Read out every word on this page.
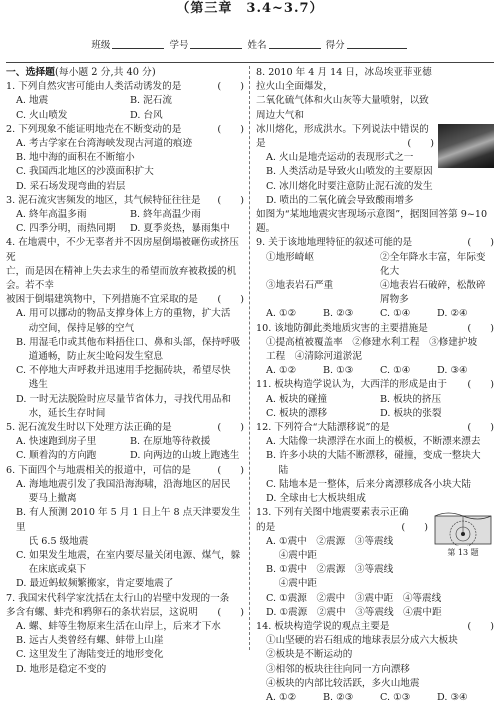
（第三章　3.4~3.7）
班级	学号	姓名	得分
一、选择题(每小题 2 分,共 40 分)

1. 下列自然灾害可能由人类活动诱发的是	(　　)

A. 地震	B. 泥石流
C. 火山喷发	D. 台风

2. 下列现象不能证明地壳在不断变动的是	(　　)

A. 考古学家在台湾海峡发现古河道的痕迹
B. 地中海的面积在不断缩小
C. 我国西北地区的沙漠面积扩大
D. 采石场发现弯曲的岩层

3. 泥石流灾害频发的地区，其气候特征往往是 (　　)

A. 終年高温多雨	B. 終年高温少雨
C. 四季分明，雨热同期	D. 夏季炎热，暴雨集中

4. 在地震中，不少无辜者并不因房屋倒塌被砸伤或挤压死

亡，而是因在精神上失去求生的希望而放弃被救援的机会。若不幸

被困于倒塌建筑物中，下列措施不宜采取的是 (　　)

A. 用可以挪动的物品支撑身体上方的重物，扩大活
　 动空间，保持足够的空气
B. 用湿毛巾或其他布料捂住口、鼻和头部，保持呼吸
　 道通畅，防止灰尘呛闷发生窒息
C. 不停地大声呼救并迅速用手挖掘砖块，希望尽快
　 逃生
D. 一时无法脱险时应尽量节省体力，寻找代用品和
　 水，延长生存时间

5. 泥石流发生时以下处理方法正确的是	(　　)

A. 快速跑到房子里	B. 在原地等待救援
C. 顺着沟的方向跑	D. 向两边的山坡上跑逃生

6. 下面四个与地震相关的报道中，可信的是	(　　)

A. 海地地震引发了我国沿海海啸，沿海地区的居民
　 要马上撤离
B. 有人预测 2010 年 5 月 1 日上午 8 点天津要发生里
　 氏 6.5 级地震
C. 如果发生地震，在室内要尽量关闭电源、煤气，躲
　 在床底或桌下
D. 最近蚂蚁频繁搬家，肯定要地震了

7. 我国宋代科学家沈括在太行山的岩壁中发现的一条

多含有螺、蚌壳和鸦卵石的条状岩层，这说明 (　　)

A. 螺、蚌等生物原来生活在山岸上，后来才下水
B. 远古人类曾经有螺、蚌带上山崖
C. 这里发生了海陆变迁的地形变化
D. 地形是稳定不变的

8. 2010 年 4 月 14 日，冰岛埃亚菲亚德拉火山全面爆发，

二氧化硫气体和火山灰等大量喷射，以致周边大气和

冰川熔化，形成洪水。下列说法中错误的是	(　　)

A. 火山是地壳运动的表现形式之一
B. 人类活动是导致火山喷发的主要原因
C. 冰川熔化时要注意防止泥石流的发生
D. 喷出的二氧化硫会导致酸雨增多
如图为“某地地震灾害现场示意图”，据图回答第 9~10 题。

9. 关于该地地理特征的叙述可能的是	(　　)

①地形崎岖	②全年降水丰富，年际变化大
③地表岩石严重	④地表岩石破碎，松散碎屑物多
A. ①②	B. ②③	C. ①④	D. ②④

10. 该地防御此类地质灾害的主要措施是	(　　)

①提高植被覆盖率　②修建水利工程　③修建护坡
工程　④清除河道淤泥
A. ①②	B. ①③	C. ①④	D. ③④

11. 板块构造学说认为，大西洋的形成是由于 (　　)

A. 板块的碰撞	B. 板块的挤压
C. 板块的漂移	D. 板块的张裂

12. 下列符合“大陆漂移说”的是	(　　)

A. 大陆像一块漂浮在水面上的模板，不断漂来漂去
B. 许多小块的大陆不断漂移，碰撞，变成一整块大
　 陆
C. 陆地本是一整体，后来分离漂移成各小块大陆
D. 全球由七大板块组成
第 13 题

13. 下列有关图中地震要素表示正确

的是	(　　)

A. ①震中　②震源　③等震线
　 ④震中距
B. ①震中　②震源　③等震线
　 ④震中距
C. ①震源　②震中　③震中距　④等震线
D. ①震源　②震中　③等震线　④震中距

14. 板块构造学说的观点主要是	(　　)

①山坚硬的岩石组成的地球表层分成六大板块
②板块是不断运动的
③相邻的板块往往向同一方向漂移
④板块的内部比较活跃，多火山地震
A. ①②	B. ②③	C. ①③	D. ③④
